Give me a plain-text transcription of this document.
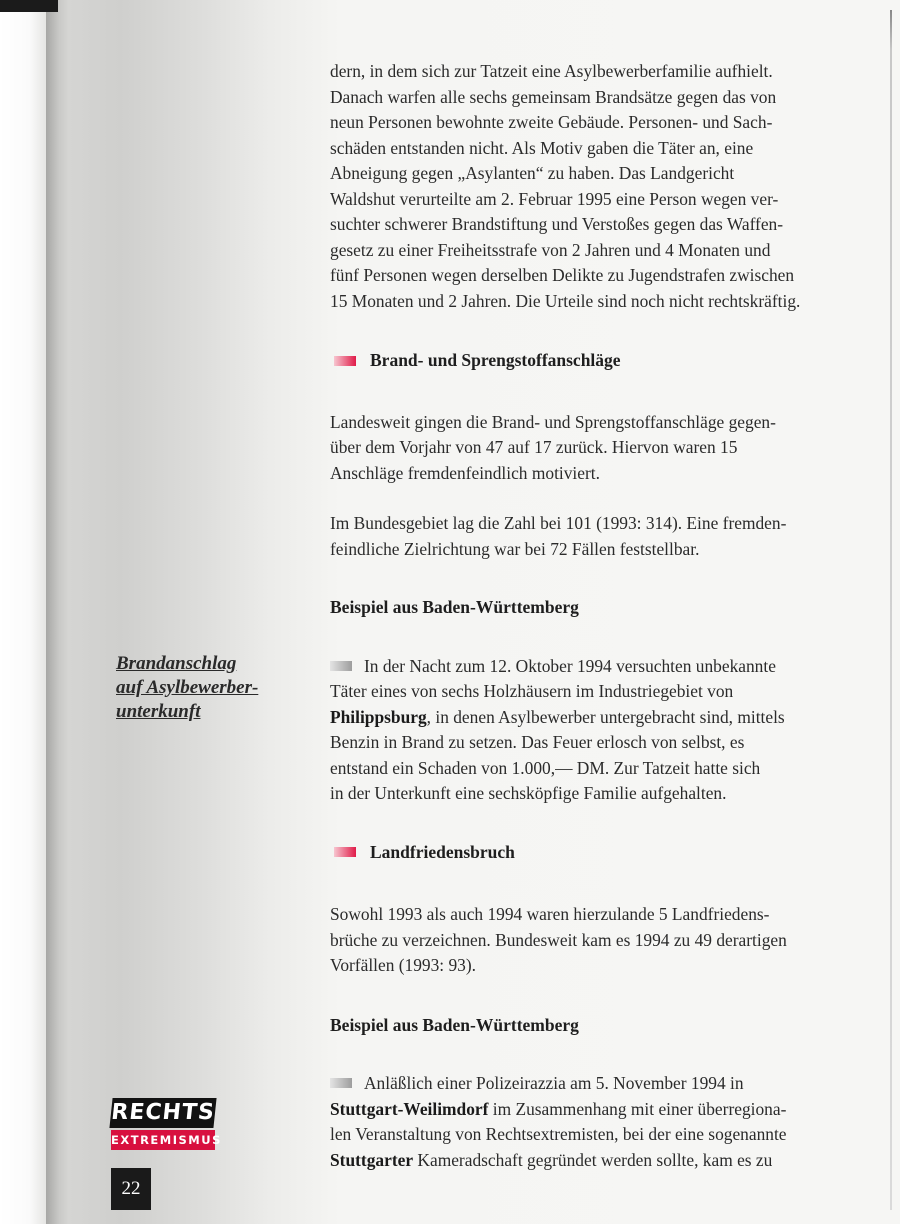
dern, in dem sich zur Tatzeit eine Asylbewerberfamilie aufhielt.

Danach warfen alle sechs gemeinsam Brandsätze gegen das von

neun Personen bewohnte zweite Gebäude. Personen- und Sach-

schäden entstanden nicht. Als Motiv gaben die Täter an, eine

Abneigung gegen „Asylanten“ zu haben. Das Landgericht

Waldshut verurteilte am 2. Februar 1995 eine Person wegen ver-

suchter schwerer Brandstiftung und Verstoßes gegen das Waffen-

gesetz zu einer Freiheitsstrafe von 2 Jahren und 4 Monaten und

fünf Personen wegen derselben Delikte zu Jugendstrafen zwischen

15 Monaten und 2 Jahren. Die Urteile sind noch nicht rechtskräftig.

Brand- und Sprengstoffanschläge

Landesweit gingen die Brand- und Sprengstoffanschläge gegen-

über dem Vorjahr von 47 auf 17 zurück. Hiervon waren 15

Anschläge fremdenfeindlich motiviert.

Im Bundesgebiet lag die Zahl bei 101 (1993: 314). Eine fremden-

feindliche Zielrichtung war bei 72 Fällen feststellbar.

Beispiel aus Baden-Württemberg

In der Nacht zum 12. Oktober 1994 versuchten unbekannte

Täter eines von sechs Holzhäusern im Industriegebiet von

Philippsburg, in denen Asylbewerber untergebracht sind, mittels

Benzin in Brand zu setzen. Das Feuer erlosch von selbst, es

entstand ein Schaden von 1.000,— DM. Zur Tatzeit hatte sich

in der Unterkunft eine sechsköpfige Familie aufgehalten.

Landfriedensbruch

Sowohl 1993 als auch 1994 waren hierzulande 5 Landfriedens-

brüche zu verzeichnen. Bundesweit kam es 1994 zu 49 derartigen

Vorfällen (1993: 93).

Beispiel aus Baden-Württemberg

Anläßlich einer Polizeirazzia am 5. November 1994 in

Stuttgart-Weilimdorf im Zusammenhang mit einer überregiona-

len Veranstaltung von Rechtsextremisten, bei der eine sogenannte

Stuttgarter Kameradschaft gegründet werden sollte, kam es zu

Brandanschlag
auf Asylbewerber-
unterkunft
RECHTS
EXTREMISMUS
22
